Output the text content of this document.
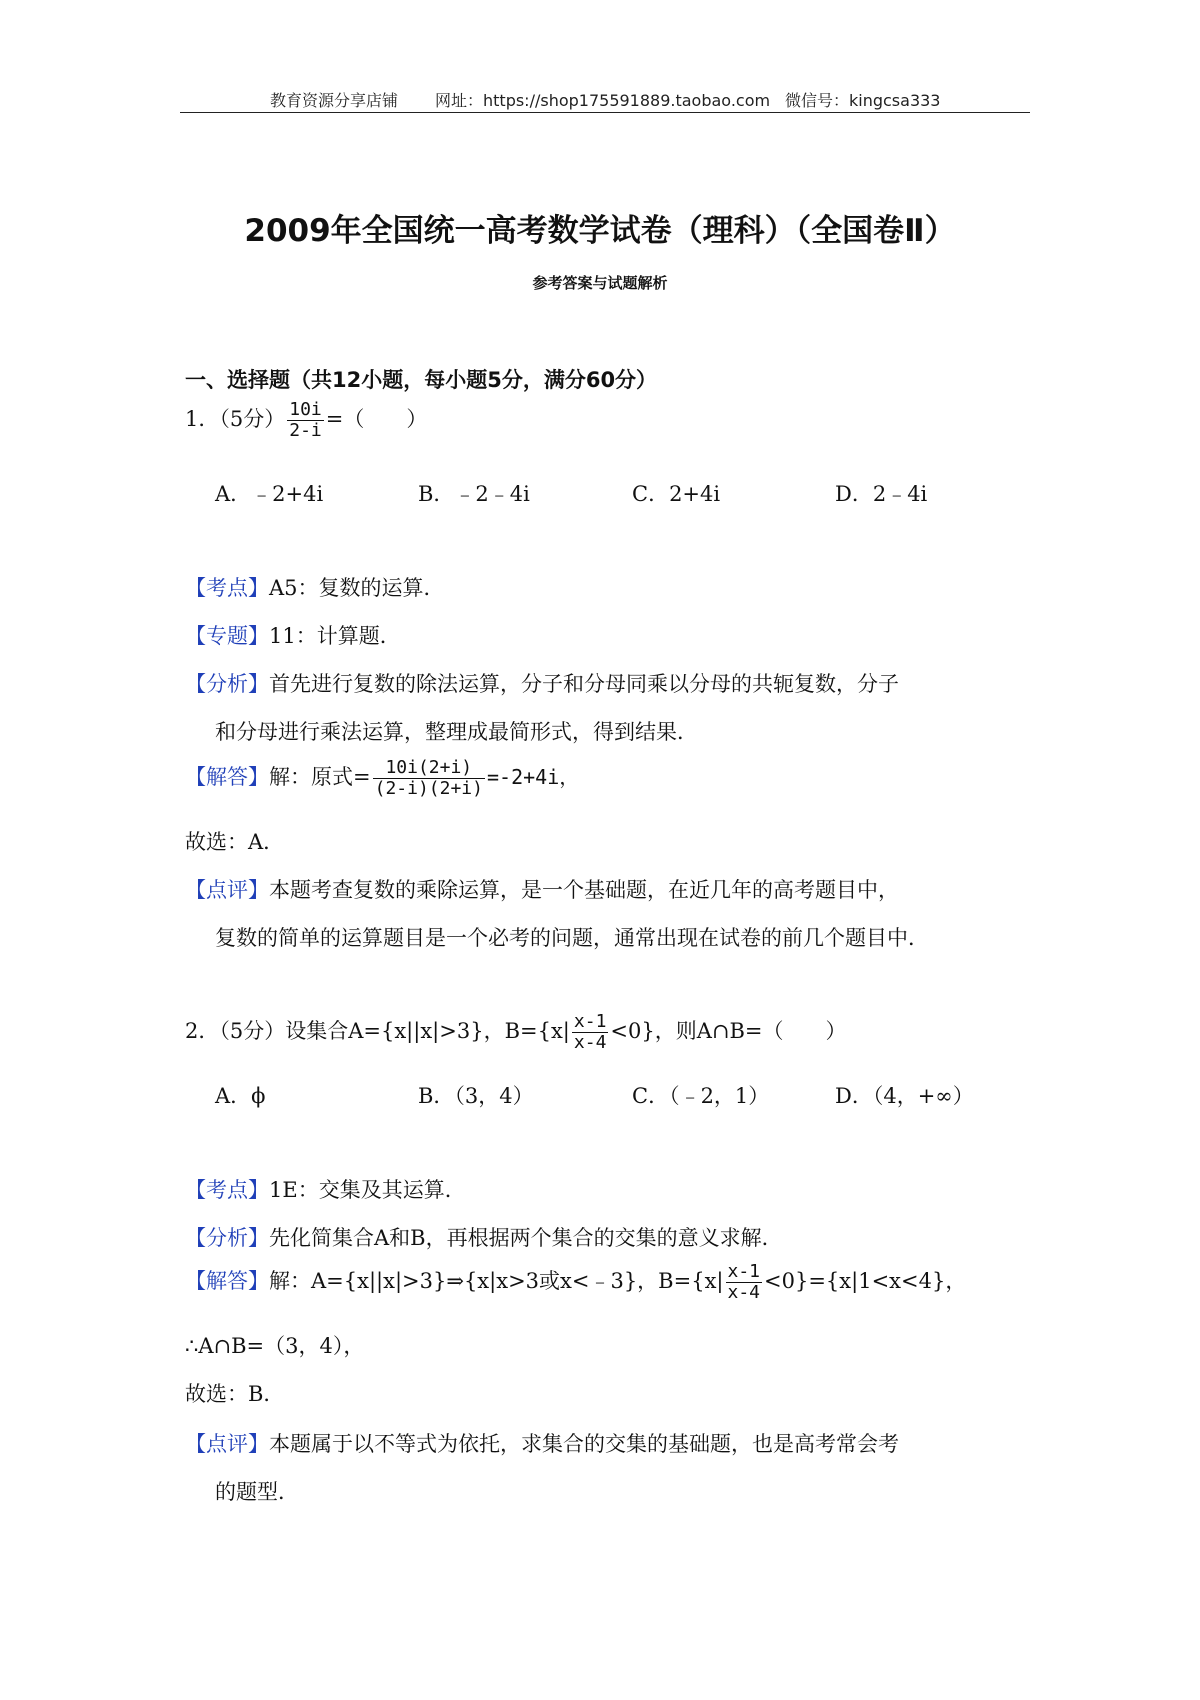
教育资源分享店铺 网址：https://shop175591889.taobao.com 微信号：kingcsa333
2009年全国统一高考数学试卷（理科）（全国卷Ⅱ）
参考答案与试题解析
一、选择题（共12小题，每小题5分，满分60分）
1．（5分） $\frac{10i}{2-i}$ =（　　）
A．﹣2+4i	B．﹣2﹣4i	C．2+4i	D．2﹣4i
【考点】A5：复数的运算．
【专题】11：计算题．
【分析】首先进行复数的除法运算，分子和分母同乘以分母的共轭复数，分子
和分母进行乘法运算，整理成最简形式，得到结果．
【解答】解：原式= $\frac{10i(2+i)}{(2-i)(2+i)} =-2+4i$，
故选：A．
【点评】本题考查复数的乘除运算，是一个基础题，在近几年的高考题目中，
复数的简单的运算题目是一个必考的问题，通常出现在试卷的前几个题目中．
2．（5分）设集合A={x||x|>3}，$B=\{x| \frac{x-1}{x-4} <0\}$，则A∩B=（　　）
A．ϕ	B．（3，4）	C．（﹣2，1）	D．（4，+∞）
【考点】1E：交集及其运算．
【分析】先化简集合A和B，再根据两个集合的交集的意义求解．
【解答】解：A={x||x|>3}⇒{x|x>3或x<﹣3}，$B=\{x| \frac{x-1}{x-4} <0\}=\{x|1<x<4\}$，
∴A∩B=（3，4），
故选：B．
【点评】本题属于以不等式为依托，求集合的交集的基础题，也是高考常会考
的题型．
